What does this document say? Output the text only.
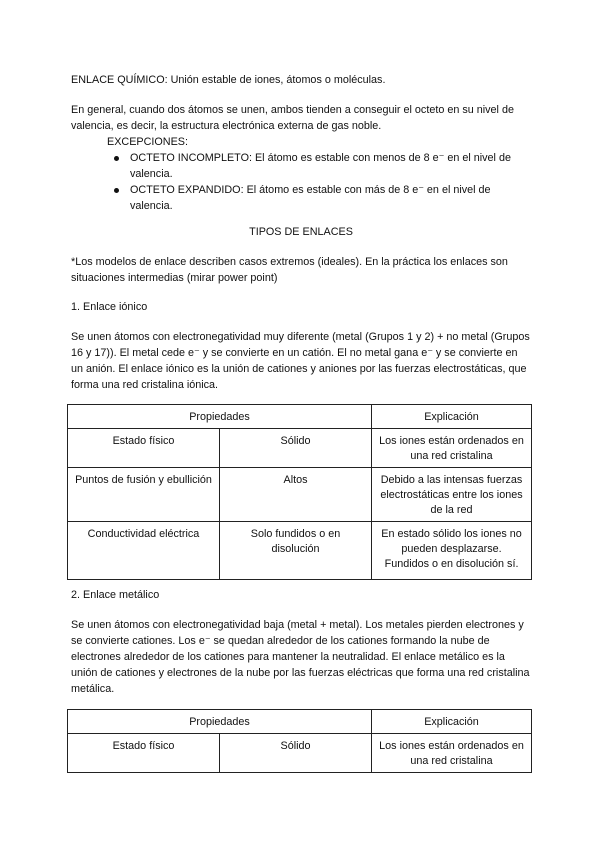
ENLACE QUÍMICO: Unión estable de iones, átomos o moléculas.

En general, cuando dos átomos se unen, ambos tienden a conseguir el octeto en su nivel de valencia, es decir, la estructura electrónica externa de gas noble.

EXCEPCIONES:

OCTETO INCOMPLETO: El átomo es estable con menos de 8 e⁻ en el nivel de valencia.
OCTETO EXPANDIDO: El átomo es estable con más de 8 e⁻ en el nivel de valencia.

TIPOS DE ENLACES

*Los modelos de enlace describen casos extremos (ideales). En la práctica los enlaces son situaciones intermedias (mirar power point)

1. Enlace iónico

Se unen átomos con electronegatividad muy diferente (metal (Grupos 1 y 2) + no metal (Grupos 16 y 17)). El metal cede e⁻ y se convierte en un catión. El no metal gana e⁻ y se convierte en un anión. El enlace iónico es la unión de cationes y aniones por las fuerzas electrostáticas, que forma una red cristalina iónica.

Propiedades		Explicación
Estado físico	Sólido	Los iones están ordenados en una red cristalina
Puntos de fusión y ebullición	Altos	Debido a las intensas fuerzas electrostáticas entre los iones de la red
Conductividad eléctrica	Solo fundidos o en disolución	En estado sólido los iones no pueden desplazarse. Fundidos o en disolución sí.

2. Enlace metálico

Se unen átomos con electronegatividad baja (metal + metal). Los metales pierden electrones y se convierte cationes. Los e⁻ se quedan alrededor de los cationes formando la nube de electrones alrededor de los cationes para mantener la neutralidad. El enlace metálico es la unión de cationes y electrones de la nube por las fuerzas eléctricas que forma una red cristalina metálica.

Propiedades		Explicación
Estado físico	Sólido	Los iones están ordenados en una red cristalina
